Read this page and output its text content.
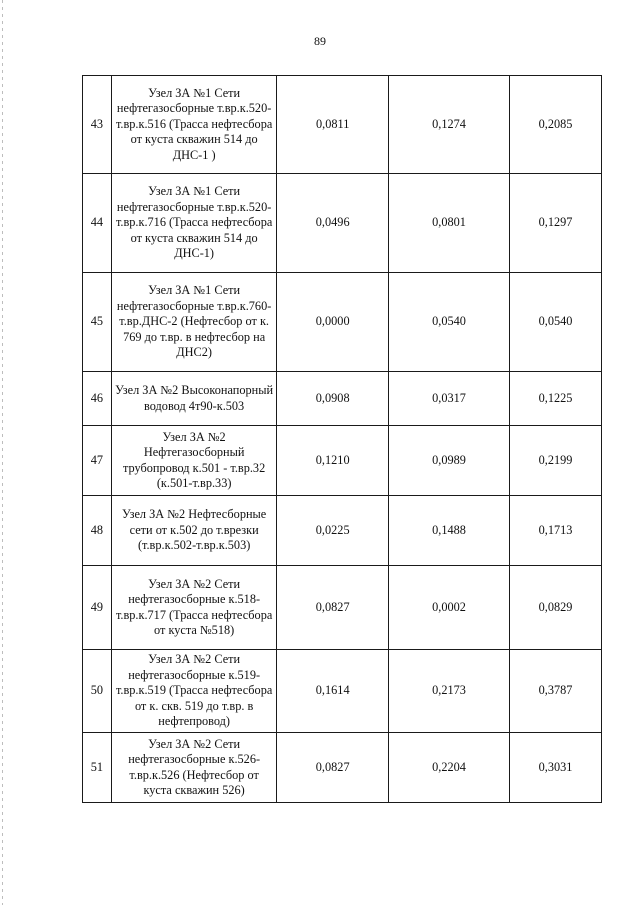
89
43	Узел ЗА №1 Сети нефтегазосборные т.вр.к.520-т.вр.к.516 (Трасса нефтесбора от куста скважин 514 до ДНС-1 )	0,0811	0,1274	0,2085
44	Узел ЗА №1 Сети нефтегазосборные т.вр.к.520-т.вр.к.716 (Трасса нефтесбора от куста скважин 514 до ДНС-1)	0,0496	0,0801	0,1297
45	Узел ЗА №1 Сети нефтегазосборные т.вр.к.760-т.вр.ДНС-2 (Нефтесбор от к. 769 до т.вр. в нефтесбор на ДНС2)	0,0000	0,0540	0,0540
46	Узел ЗА №2 Высоконапорный водовод 4т90-к.503	0,0908	0,0317	0,1225
47	Узел ЗА №2 Нефтегазосборный трубопровод к.501 - т.вр.32 (к.501-т.вр.33)	0,1210	0,0989	0,2199
48	Узел ЗА №2 Нефтесборные сети от к.502 до т.врезки (т.вр.к.502-т.вр.к.503)	0,0225	0,1488	0,1713
49	Узел ЗА №2 Сети нефтегазосборные к.518-т.вр.к.717 (Трасса нефтесбора от куста №518)	0,0827	0,0002	0,0829
50	Узел ЗА №2 Сети нефтегазосборные к.519-т.вр.к.519 (Трасса нефтесбора от к. скв. 519 до т.вр. в нефтепровод)	0,1614	0,2173	0,3787
51	Узел ЗА №2 Сети нефтегазосборные к.526-т.вр.к.526 (Нефтесбор от куста скважин 526)	0,0827	0,2204	0,3031
